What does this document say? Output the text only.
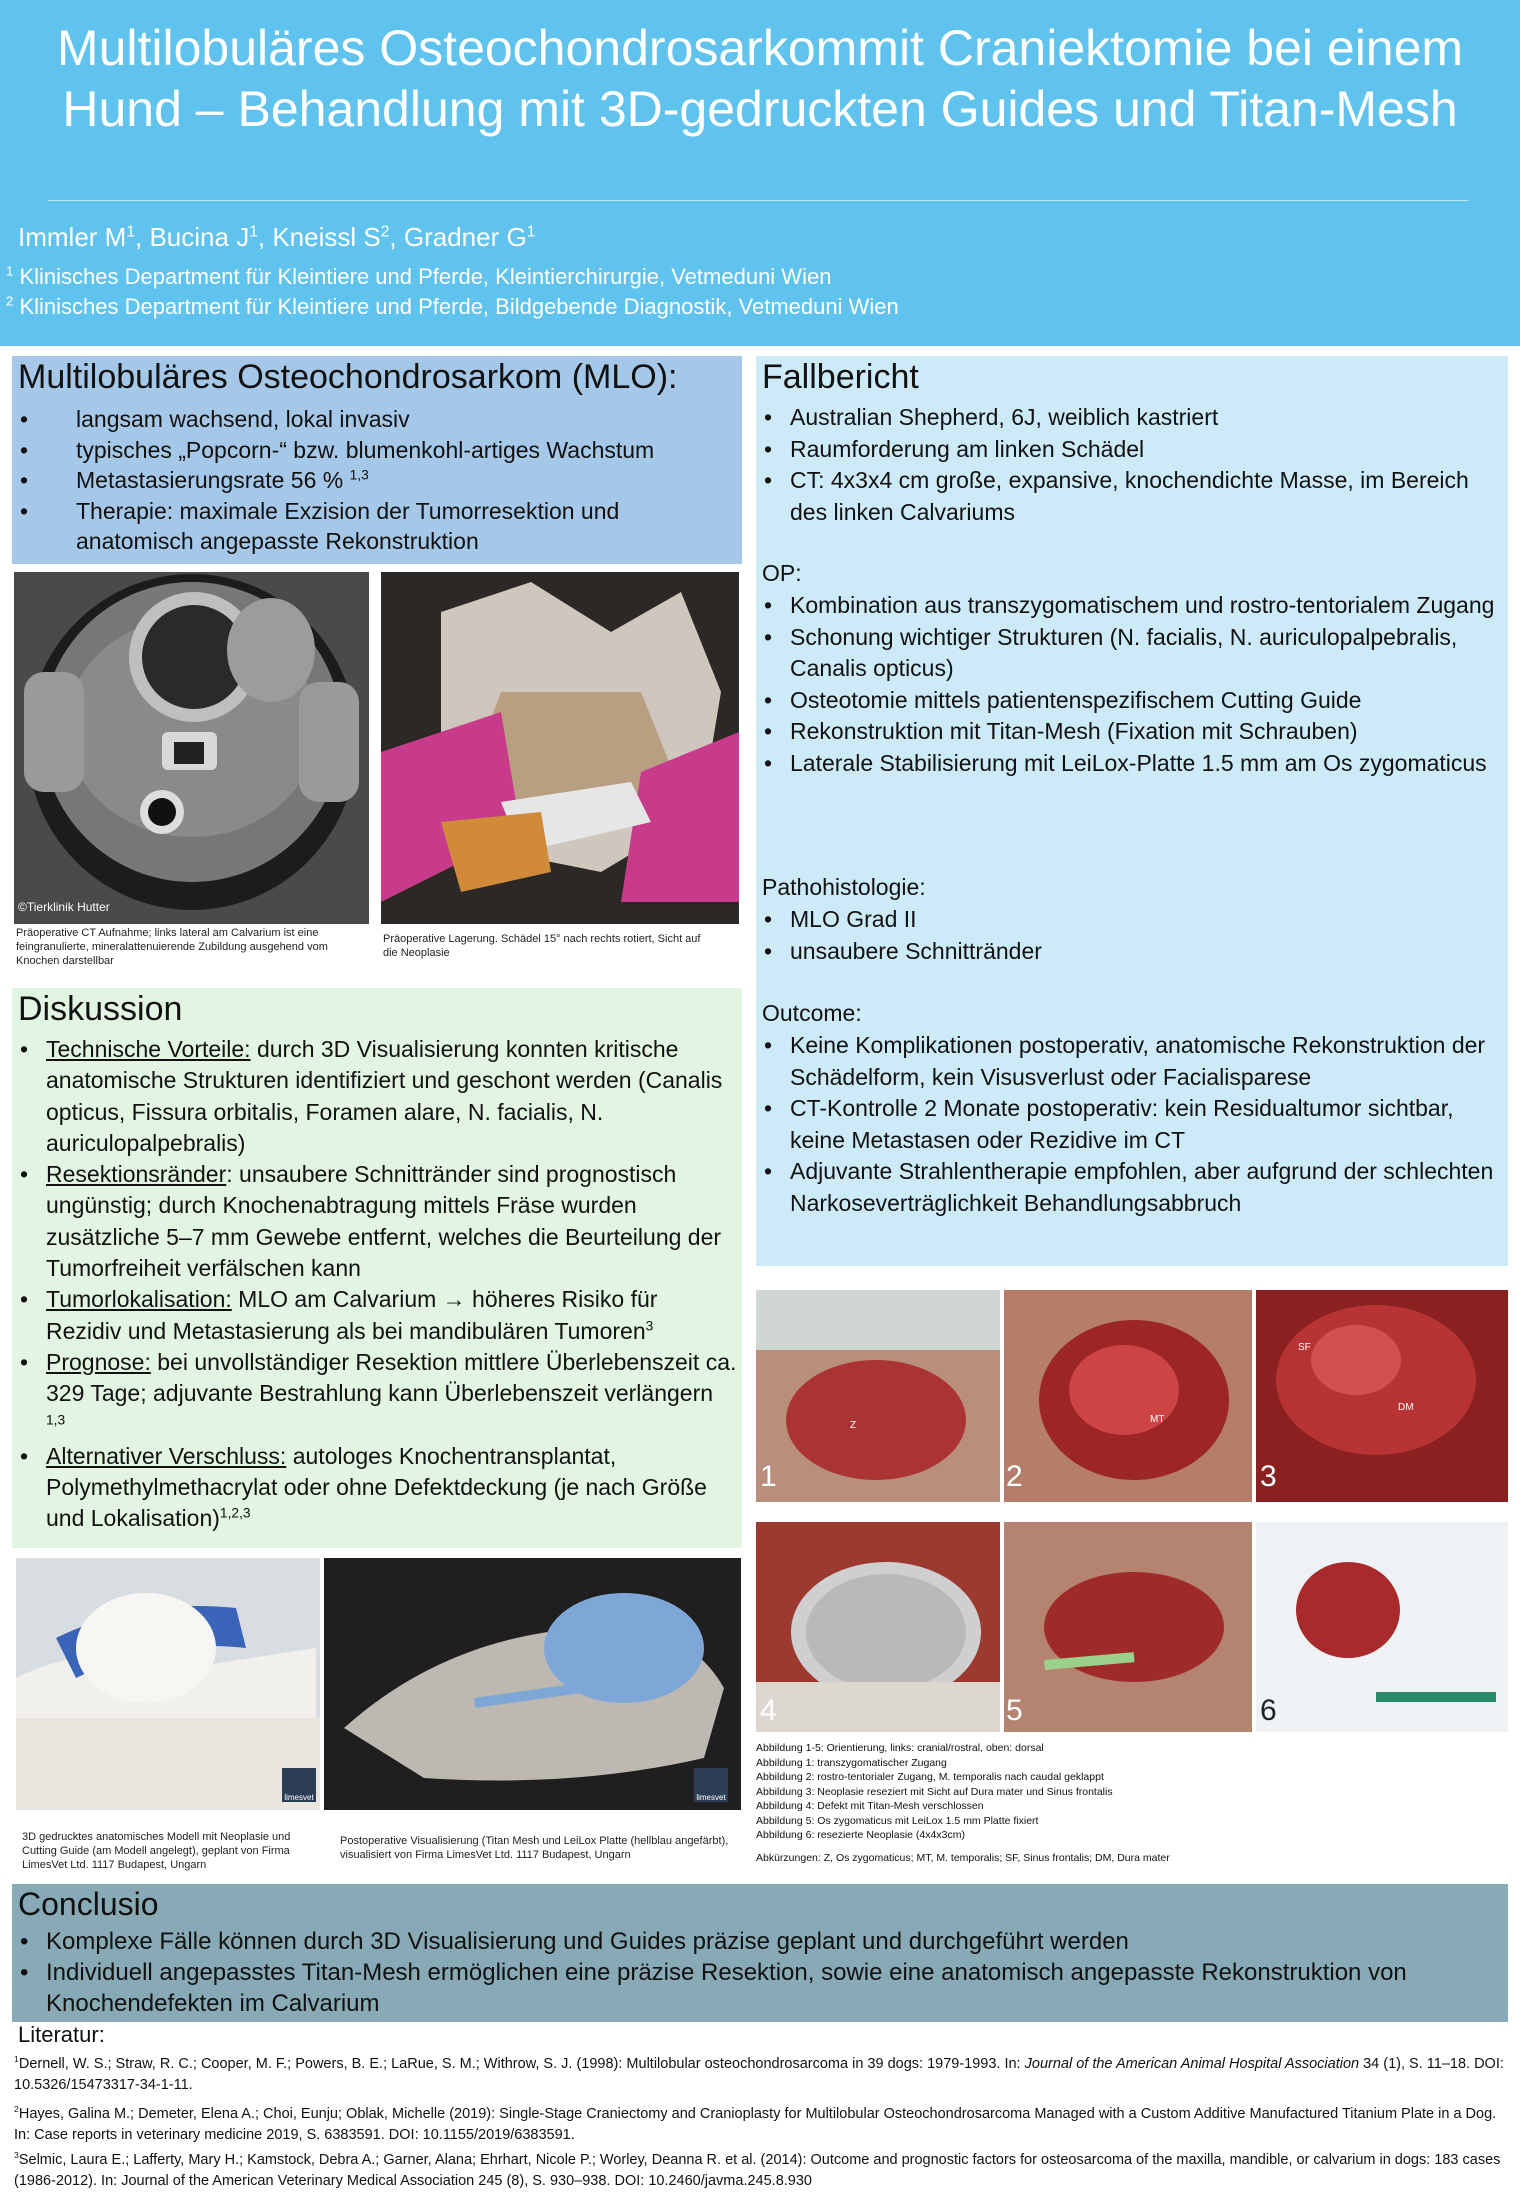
Multilobuläres Osteochondrosarkommit Craniektomie bei einem Hund – Behandlung mit 3D-gedruckten Guides und Titan-Mesh
Immler $M^1$, Bucina $J^1$, Kneissl $S^2$, Gradner $G^1$
$^1$ Klinisches Department für Kleintiere und Pferde, Kleintierchirurgie, Vetmeduni Wien
$^2$ Klinisches Department für Kleintiere und Pferde, Bildgebende Diagnostik, Vetmeduni Wien
Multilobuläres Osteochondrosarkom (MLO):
• langsam wachsend, lokal invasiv
• typisches „Popcorn-“ bzw. blumenkohl-artiges Wachstum
• Metastasierungsrate 56 % $^{1,3}$
• Therapie: maximale Exzision der Tumorresektion und anatomisch angepasste Rekonstruktion
©Tierklinik Hutter
Präoperative CT Aufnahme; links lateral am Calvarium ist eine feingranulierte, mineralattenuierende Zubildung ausgehend vom Knochen darstellbar
Präoperative Lagerung. Schädel 15° nach rechts rotiert, Sicht auf die Neoplasie
Fallbericht
• Australian Shepherd, 6J, weiblich kastriert
• Raumforderung am linken Schädel
• CT: 4x3x4 cm große, expansive, knochendichte Masse, im Bereich des linken Calvariums
OP:
• Kombination aus transzygomatischem und rostro-tentorialem Zugang
• Schonung wichtiger Strukturen (N. facialis, N. auriculopalpebralis, Canalis opticus)
• Osteotomie mittels patientenspezifischem Cutting Guide
• Rekonstruktion mit Titan-Mesh (Fixation mit Schrauben)
• Laterale Stabilisierung mit LeiLox-Platte 1.5 mm am Os zygomaticus
Pathohistologie:
• MLO Grad II
• unsaubere Schnittränder
Outcome:
• Keine Komplikationen postoperativ, anatomische Rekonstruktion der Schädelform, kein Visusverlust oder Facialisparese
• CT-Kontrolle 2 Monate postoperativ: kein Residualtumor sichtbar, keine Metastasen oder Rezidive im CT
• Adjuvante Strahlentherapie empfohlen, aber aufgrund der schlechten Narkoseverträglichkeit Behandlungsabbruch
Diskussion
• Technische Vorteile: durch 3D Visualisierung konnten kritische anatomische Strukturen identifiziert und geschont werden (Canalis opticus, Fissura orbitalis, Foramen alare, N. facialis, N. auriculopalpebralis)
• Resektionsränder: unsaubere Schnittränder sind prognostisch ungünstig; durch Knochenabtragung mittels Fräse wurden zusätzliche 5–7 mm Gewebe entfernt, welches die Beurteilung der Tumorfreiheit verfälschen kann
• Tumorlokalisation: MLO am Calvarium → höheres Risiko für Rezidiv und Metastasierung als bei mandibulären Tumoren$^3$
• Prognose: bei unvollständiger Resektion mittlere Überlebenszeit ca. 329 Tage; adjuvante Bestrahlung kann Überlebenszeit verlängern $^{1,3}$
• Alternativer Verschluss: autologes Knochentransplantat, Polymethylmethacrylat oder ohne Defektdeckung (je nach Größe und Lokalisation)$^{1,2,3}$
limesvet	limesvet
3D gedrucktes anatomisches Modell mit Neoplasie und Cutting Guide (am Modell angelegt), geplant von Firma LimesVet Ltd. 1117 Budapest, Ungarn
Postoperative Visualisierung (Titan Mesh und LeiLox Platte (hellblau angefärbt), visualisiert von Firma LimesVet Ltd. 1117 Budapest, Ungarn
Z
1
MT
2
SF
DM
3
4	5	6
Abbildung 1-5: Orientierung, links: cranial/rostral, oben: dorsal
Abbildung 1: transzygomatischer Zugang
Abbildung 2: rostro-tentorialer Zugang, M. temporalis nach caudal geklappt
Abbildung 3: Neoplasie reseziert mit Sicht auf Dura mater und Sinus frontalis
Abbildung 4: Defekt mit Titan-Mesh verschlossen
Abbildung 5: Os zygomaticus mit LeiLox 1.5 mm Platte fixiert
Abbildung 6: resezierte Neoplasie (4x4x3cm)
Abkürzungen: Z, Os zygomaticus; MT, M. temporalis; SF, Sinus frontalis; DM, Dura mater
Conclusio
• Komplexe Fälle können durch 3D Visualisierung und Guides präzise geplant und durchgeführt werden
• Individuell angepasstes Titan-Mesh ermöglichen eine präzise Resektion, sowie eine anatomisch angepasste Rekonstruktion von Knochendefekten im Calvarium
Literatur:
$^1$Dernell, W. S.; Straw, R. C.; Cooper, M. F.; Powers, B. E.; LaRue, S. M.; Withrow, S. J. (1998): Multilobular osteochondrosarcoma in 39 dogs: 1979-1993. In: Journal of the American Animal Hospital Association 34 (1), S. 11–18. DOI: 10.5326/15473317-34-1-11.
$^2$Hayes, Galina M.; Demeter, Elena A.; Choi, Eunju; Oblak, Michelle (2019): Single-Stage Craniectomy and Cranioplasty for Multilobular Osteochondrosarcoma Managed with a Custom Additive Manufactured Titanium Plate in a Dog. In: Case reports in veterinary medicine 2019, S. 6383591. DOI: 10.1155/2019/6383591.
$^3$Selmic, Laura E.; Lafferty, Mary H.; Kamstock, Debra A.; Garner, Alana; Ehrhart, Nicole P.; Worley, Deanna R. et al. (2014): Outcome and prognostic factors for osteosarcoma of the maxilla, mandible, or calvarium in dogs: 183 cases (1986-2012). In: Journal of the American Veterinary Medical Association 245 (8), S. 930–938. DOI: 10.2460/javma.245.8.930
